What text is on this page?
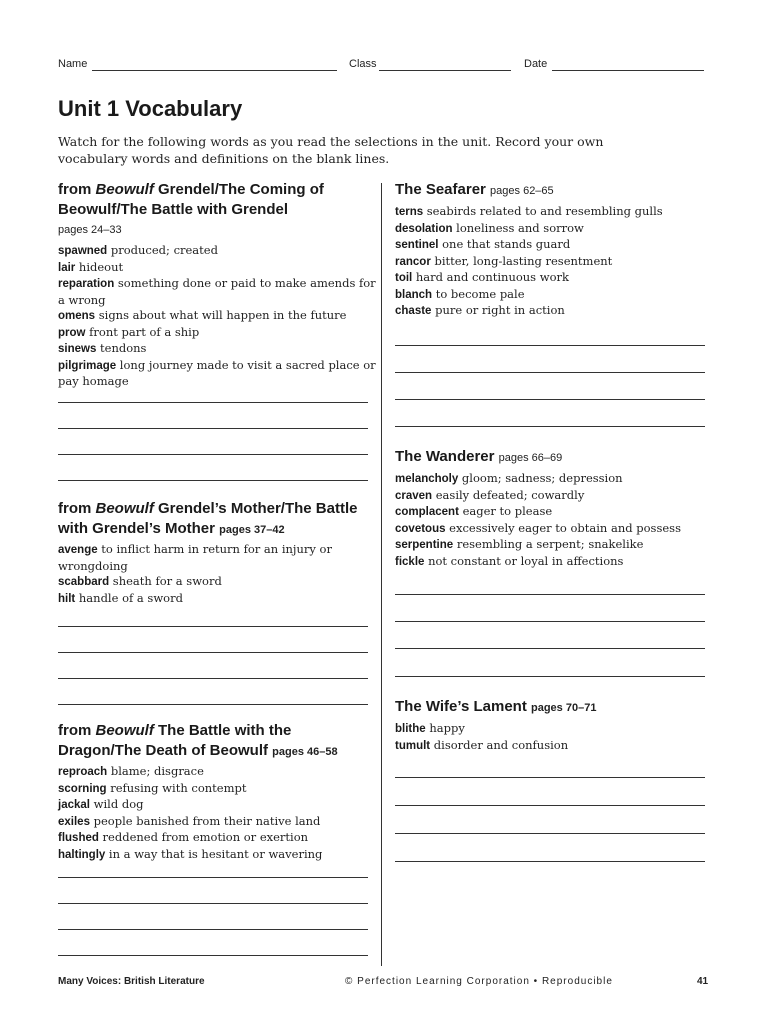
Name	Class	Date
Unit 1 Vocabulary
Watch for the following words as you read the selections in the unit. Record your own vocabulary words and definitions on the blank lines.
from Beowulf Grendel/The Coming of Beowulf/The Battle with Grendel
pages 24–33
spawned produced; created
lair hideout
reparation something done or paid to make amends for a wrong
omens signs about what will happen in the future
prow front part of a ship
sinews tendons
pilgrimage long journey made to visit a sacred place or pay homage
from Beowulf Grendel’s Mother/The Battle with Grendel’s Mother pages 37–42
avenge to inflict harm in return for an injury or wrongdoing
scabbard sheath for a sword
hilt handle of a sword
from Beowulf The Battle with the Dragon/The Death of Beowulf pages 46–58
reproach blame; disgrace
scorning refusing with contempt
jackal wild dog
exiles people banished from their native land
flushed reddened from emotion or exertion
haltingly in a way that is hesitant or wavering
The Seafarer pages 62–65
terns seabirds related to and resembling gulls
desolation loneliness and sorrow
sentinel one that stands guard
rancor bitter, long-lasting resentment
toil hard and continuous work
blanch to become pale
chaste pure or right in action
The Wanderer pages 66–69
melancholy gloom; sadness; depression
craven easily defeated; cowardly
complacent eager to please
covetous excessively eager to obtain and possess
serpentine resembling a serpent; snakelike
fickle not constant or loyal in affections
The Wife’s Lament pages 70–71
blithe happy
tumult disorder and confusion
Many Voices: British Literature	© Perfection Learning Corporation • Reproducible	41
